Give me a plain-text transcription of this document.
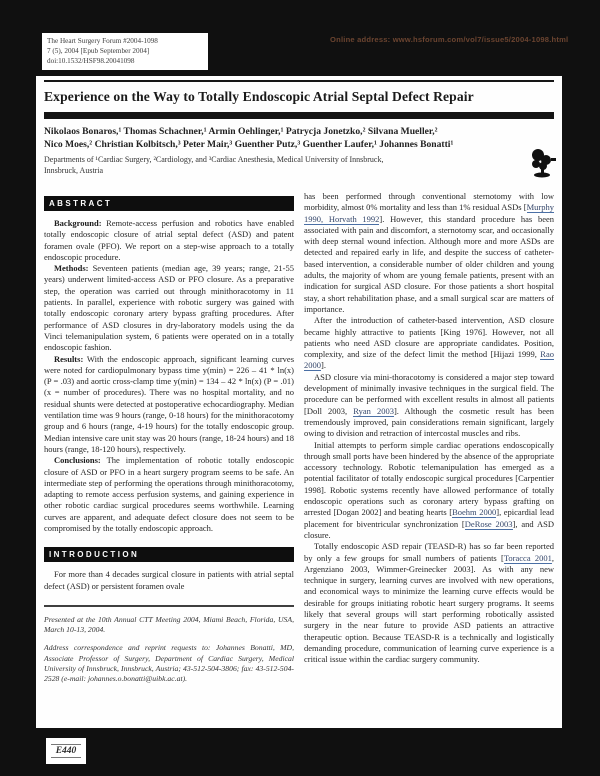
The Heart Surgery Forum #2004-1098
7 (5), 2004 [Epub September 2004]
doi:10.1532/HSF98.20041098
Online address: www.hsforum.com/vol7/issue5/2004-1098.html
Experience on the Way to Totally Endoscopic Atrial Septal Defect Repair
Nikolaos Bonaros,¹ Thomas Schachner,¹ Armin Oehlinger,¹ Patrycja Jonetzko,² Silvana Mueller,²
Nico Moes,² Christian Kolbitsch,³ Peter Mair,³ Guenther Putz,³ Guenther Laufer,¹ Johannes Bonatti¹
Departments of ¹Cardiac Surgery, ²Cardiology, and ³Cardiac Anesthesia, Medical University of Innsbruck,
Innsbruck, Austria
ABSTRACT

Background: Remote-access perfusion and robotics have enabled totally endoscopic closure of atrial septal defect (ASD) and patent foramen ovale (PFO). We report on a step-wise approach to a totally endoscopic procedure.

Methods: Seventeen patients (median age, 39 years; range, 21-55 years) underwent limited-access ASD or PFO closure. As a preparative step, the operation was carried out through minithoracotomy in 11 patients. In parallel, experience with robotic surgery was gained with totally endoscopic coronary artery bypass grafting procedures. After performance of ASD closures in dry-laboratory models using the da Vinci telemanipulation system, 6 patients were operated on in a totally endoscopic fashion.

Results: With the endoscopic approach, significant learning curves were noted for cardiopulmonary bypass time y(min) = 226 – 41 * ln(x) (P = .03) and aortic cross-clamp time y(min) = 134 – 42 * ln(x) (P = .01) (x = number of procedures). There was no hospital mortality, and no residual shunts were detected at postoperative echocardiography. Median ventilation time was 9 hours (range, 0-18 hours) for the minithoracotomy group and 6 hours (range, 4-19 hours) for the totally endoscopic group. Median intensive care unit stay was 20 hours (range, 18-24 hours) and 18 hours (range, 18-120 hours), respectively.

Conclusions: The implementation of robotic totally endoscopic closure of ASD or PFO in a heart surgery program seems to be safe. An intermediate step of performing the operations through minithoracotomy, adapting to remote access perfusion systems, and gaining experience in other robotic cardiac surgical procedures seems worthwhile. Learning curves are apparent, and adequate defect closure does not seem to be compromised by the totally endoscopic approach.

INTRODUCTION

For more than 4 decades surgical closure in patients with atrial septal defect (ASD) or persistent foramen ovale

Presented at the 10th Annual CTT Meeting 2004, Miami Beach, Florida, USA, March 10-13, 2004.

Address correspondence and reprint requests to: Johannes Bonatti, MD, Associate Professor of Surgery, Department of Cardiac Surgery, Medical University of Innsbruck, Innsbruck, Austria; 43-512-504-3806; fax: 43-512-504-2528 (e-mail: johannes.o.bonatti@uibk.ac.at).

has been performed through conventional sternotomy with low morbidity, almost 0% mortality and less than 1% residual ASDs [Murphy 1990, Horvath 1992]. However, this standard procedure has been associated with pain and discomfort, a sternotomy scar, and occasionally with deep sternal wound infection. Although more and more ASDs are detected and repaired early in life, and despite the success of catheter-based intervention, a considerable number of older children and young adults, the majority of whom are young female patients, present with an indication for surgical ASD closure. For those patients a short hospital stay, a short rehabilitation phase, and a small surgical scar are matters of importance.

After the introduction of catheter-based intervention, ASD closure became highly attractive to patients [King 1976]. However, not all patients who need ASD closure are appropriate candidates. Position, complexity, and size of the defect limit the method [Hijazi 1999, Rao 2000].

ASD closure via mini-thoracotomy is considered a major step toward development of minimally invasive techniques in the surgical field. The procedure can be performed with excellent results in almost all patients [Doll 2003, Ryan 2003]. Although the cosmetic result has been tremendously improved, pain considerations remain significant, largely owing to division and retraction of intercostal muscles and ribs.

Initial attempts to perform simple cardiac operations endoscopically through small ports have been hindered by the absence of the appropriate accessory technology. Robotic telemanipulation has emerged as a potential facilitator of totally endoscopic surgical procedures [Carpentier 1998]. Robotic systems recently have allowed performance of totally endoscopic operations such as coronary artery bypass grafting on arrested [Dogan 2002] and beating hearts [Boehm 2000], epicardial lead placement for biventricular synchronization [DeRose 2003], and ASD closure.

Totally endoscopic ASD repair (TEASD-R) has so far been reported by only a few groups for small numbers of patients [Toracca 2001, Argenziano 2003, Wimmer-Greinecker 2003]. As with any new technique in surgery, learning curves are involved with new operations, and economical ways to minimize the learning curve effects would be desirable for groups initiating robotic heart surgery programs. It seems likely that several groups will start performing robotically assisted surgery in the near future to provide ASD patients an attractive therapeutic option. Because TEASD-R is a technically and logistically demanding procedure, communication of learning curve experience is a critical issue within the cardiac surgery community.

E440
